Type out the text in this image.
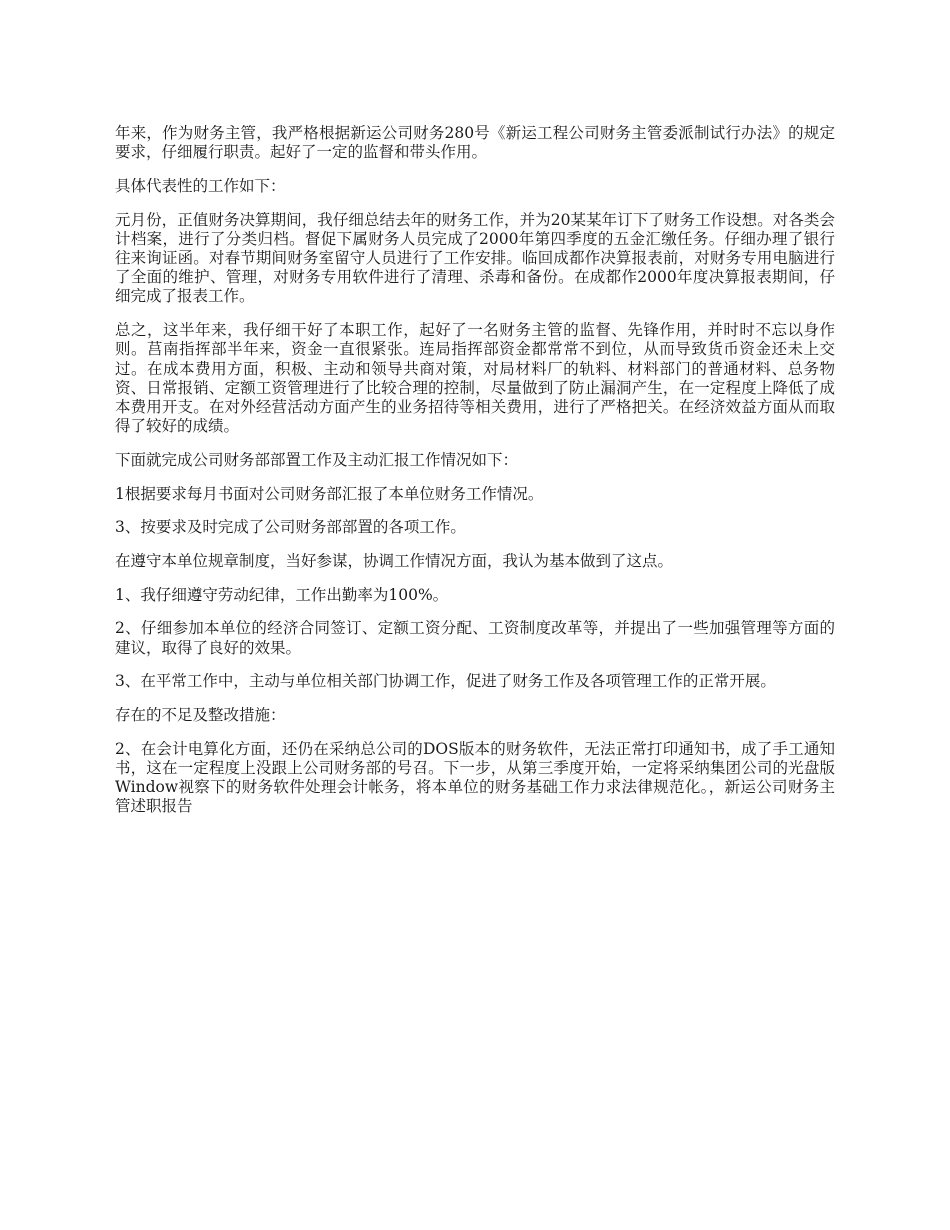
年来，作为财务主管，我严格根据新运公司财务280号《新运工程公司财务主管委派制试行办法》的规定要求，仔细履行职责。起好了一定的监督和带头作用。

具体代表性的工作如下：

元月份，正值财务决算期间，我仔细总结去年的财务工作，并为20某某年订下了财务工作设想。对各类会计档案，进行了分类归档。督促下属财务人员完成了2000年第四季度的五金汇缴任务。仔细办理了银行往来询证函。对春节期间财务室留守人员进行了工作安排。临回成都作决算报表前，对财务专用电脑进行了全面的维护、管理，对财务专用软件进行了清理、杀毒和备份。在成都作2000年度决算报表期间，仔细完成了报表工作。

总之，这半年来，我仔细干好了本职工作，起好了一名财务主管的监督、先锋作用，并时时不忘以身作则。莒南指挥部半年来，资金一直很紧张。连局指挥部资金都常常不到位，从而导致货币资金还未上交过。在成本费用方面，积极、主动和领导共商对策，对局材料厂的轨料、材料部门的普通材料、总务物资、日常报销、定额工资管理进行了比较合理的控制，尽量做到了防止漏洞产生，在一定程度上降低了成本费用开支。在对外经营活动方面产生的业务招待等相关费用，进行了严格把关。在经济效益方面从而取得了较好的成绩。

下面就完成公司财务部部置工作及主动汇报工作情况如下：

1根据要求每月书面对公司财务部汇报了本单位财务工作情况。

3、按要求及时完成了公司财务部部置的各项工作。

在遵守本单位规章制度，当好参谋，协调工作情况方面，我认为基本做到了这点。

1、我仔细遵守劳动纪律，工作出勤率为100%。

2、仔细参加本单位的经济合同签订、定额工资分配、工资制度改革等，并提出了一些加强管理等方面的建议，取得了良好的效果。

3、在平常工作中，主动与单位相关部门协调工作，促进了财务工作及各项管理工作的正常开展。

存在的不足及整改措施：

2、在会计电算化方面，还仍在采纳总公司的DOS版本的财务软件，无法正常打印通知书，成了手工通知书，这在一定程度上没跟上公司财务部的号召。下一步，从第三季度开始，一定将采纳集团公司的光盘版Window视察下的财务软件处理会计帐务，将本单位的财务基础工作力求法律规范化。，新运公司财务主管述职报告
